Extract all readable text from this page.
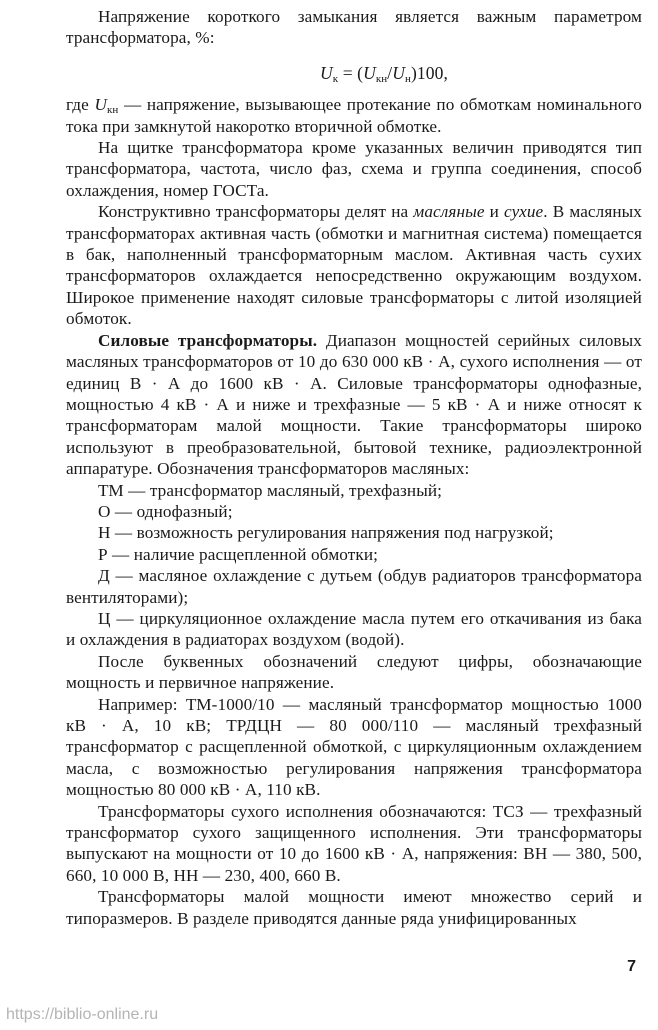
Напряжение короткого замыкания является важным параметром трансформатора, %:

$U_к = (U_{кн}/U_н)100$,

где $U_{кн}$ — напряжение, вызывающее протекание по обмоткам номинального тока при замкнутой накоротко вторичной обмотке.

На щитке трансформатора кроме указанных величин приводятся тип трансформатора, частота, число фаз, схема и группа соединения, способ охлаждения, номер ГОСТа.

Конструктивно трансформаторы делят на масляные и сухие. В масляных трансформаторах активная часть (обмотки и магнитная система) помещается в бак, наполненный трансформаторным маслом. Активная часть сухих трансформаторов охлаждается непосредственно окружающим воздухом. Широкое применение находят силовые трансформаторы с литой изоляцией обмоток.

Силовые трансформаторы. Диапазон мощностей серийных силовых масляных трансформаторов от 10 до 630 000 кВ · А, сухого исполнения — от единиц В · А до 1600 кВ · А. Силовые трансформаторы однофазные, мощностью 4 кВ · А и ниже и трехфазные — 5 кВ · А и ниже относят к трансформаторам малой мощности. Такие трансформаторы широко используют в преобразовательной, бытовой технике, радиоэлектронной аппаратуре. Обозначения трансформаторов масляных:

ТМ — трансформатор масляный, трехфазный;

О — однофазный;

Н — возможность регулирования напряжения под нагрузкой;

Р — наличие расщепленной обмотки;

Д — масляное охлаждение с дутьем (обдув радиаторов трансформатора вентиляторами);

Ц — циркуляционное охлаждение масла путем его откачивания из бака и охлаждения в радиаторах воздухом (водой).

После буквенных обозначений следуют цифры, обозначающие мощность и первичное напряжение.

Например: ТМ-1000/10 — масляный трансформатор мощностью 1000 кВ · А, 10 кВ; ТРДЦН — 80 000/110 — масляный трехфазный трансформатор с расщепленной обмоткой, с циркуляционным охлаждением масла, с возможностью регулирования напряжения трансформатора мощностью 80 000 кВ · А, 110 кВ.

Трансформаторы сухого исполнения обозначаются: ТСЗ — трехфазный трансформатор сухого защищенного исполнения. Эти трансформаторы выпускают на мощности от 10 до 1600 кВ · А, напряжения: ВН — 380, 500, 660, 10 000 В, НН — 230, 400, 660 В.

Трансформаторы малой мощности имеют множество серий и типоразмеров. В разделе приводятся данные ряда унифицированных

7
https://biblio-online.ru
